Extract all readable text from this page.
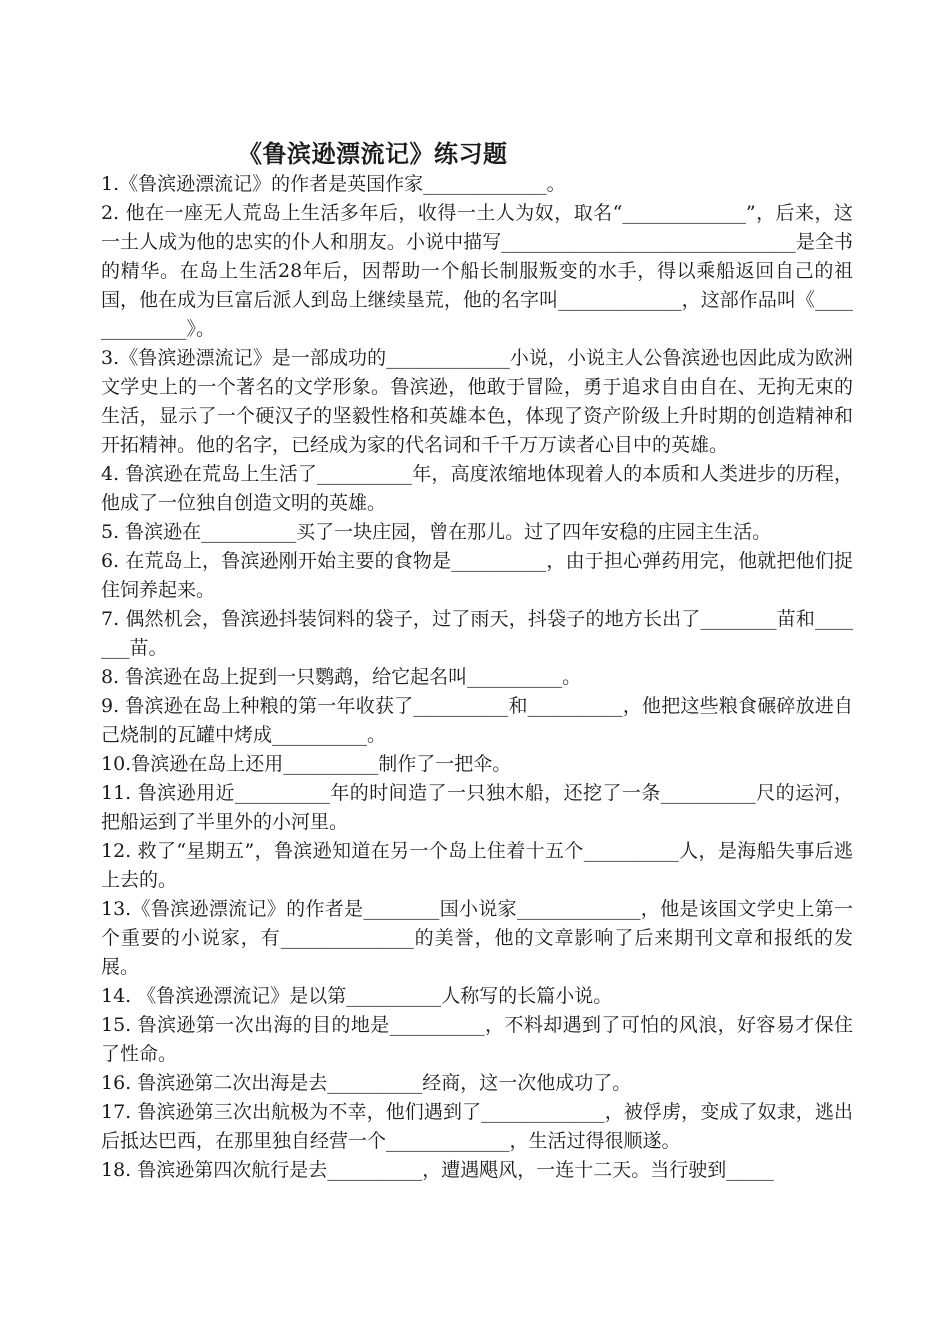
《鲁滨逊漂流记》练习题

1.《鲁滨逊漂流记》的作者是英国作家_____________。

2. 他在一座无人荒岛上生活多年后，收得一土人为奴，取名“_____________”，后来，这一土人成为他的忠实的仆人和朋友。小说中描写_______________________________是全书的精华。在岛上生活28年后，因帮助一个船长制服叛变的水手，得以乘船返回自己的祖国，他在成为巨富后派人到岛上继续垦荒，他的名字叫_____________，这部作品叫《_____________》。

3.《鲁滨逊漂流记》是一部成功的_____________小说，小说主人公鲁滨逊也因此成为欧洲文学史上的一个著名的文学形象。鲁滨逊，他敢于冒险，勇于追求自由自在、无拘无束的生活，显示了一个硬汉子的坚毅性格和英雄本色，体现了资产阶级上升时期的创造精神和开拓精神。他的名字，已经成为家的代名词和千千万万读者心目中的英雄。

4. 鲁滨逊在荒岛上生活了__________年，高度浓缩地体现着人的本质和人类进步的历程，他成了一位独自创造文明的英雄。

5. 鲁滨逊在__________买了一块庄园，曾在那儿。过了四年安稳的庄园主生活。

6. 在荒岛上，鲁滨逊刚开始主要的食物是__________，由于担心弹药用完，他就把他们捉住饲养起来。

7. 偶然机会，鲁滨逊抖装饲料的袋子，过了雨天，抖袋子的地方长出了________苗和_______苗。

8. 鲁滨逊在岛上捉到一只鹦鹉，给它起名叫__________。

9. 鲁滨逊在岛上种粮的第一年收获了__________和__________，他把这些粮食碾碎放进自己烧制的瓦罐中烤成__________。

10.鲁滨逊在岛上还用__________制作了一把伞。

11. 鲁滨逊用近__________年的时间造了一只独木船，还挖了一条__________尺的运河，把船运到了半里外的小河里。

12. 救了“星期五”，鲁滨逊知道在另一个岛上住着十五个__________人，是海船失事后逃上去的。

13.《鲁滨逊漂流记》的作者是________国小说家_____________，他是该国文学史上第一个重要的小说家，有______________的美誉，他的文章影响了后来期刊文章和报纸的发展。

14. 《鲁滨逊漂流记》是以第__________人称写的长篇小说。

15. 鲁滨逊第一次出海的目的地是__________，不料却遇到了可怕的风浪，好容易才保住了性命。

16. 鲁滨逊第二次出海是去__________经商，这一次他成功了。

17. 鲁滨逊第三次出航极为不幸，他们遇到了_____________，被俘虏，变成了奴隶，逃出后抵达巴西，在那里独自经营一个_____________，生活过得很顺遂。

18. 鲁滨逊第四次航行是去__________，遭遇飓风，一连十二天。当行驶到_____
